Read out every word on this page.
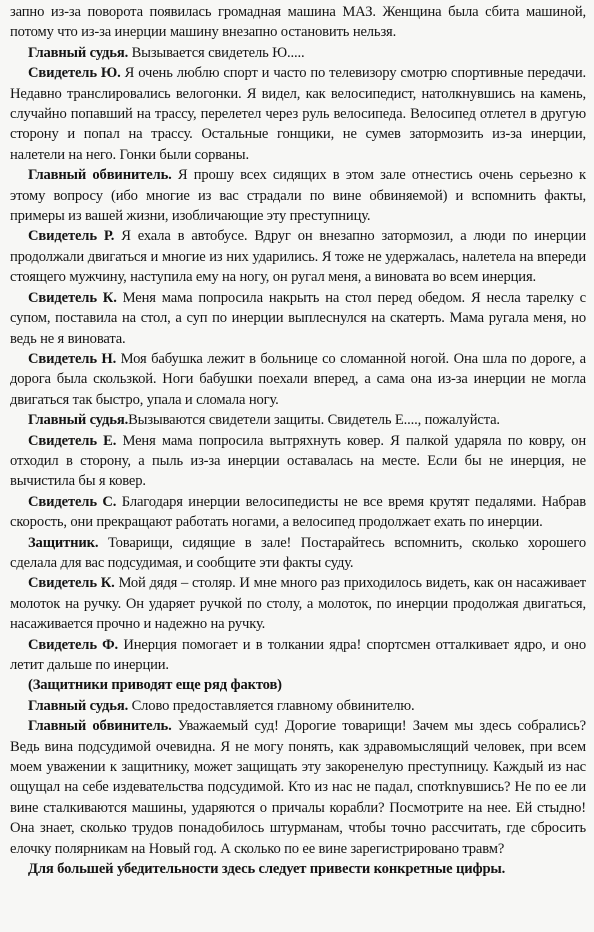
запно из-за поворота появилась громадная машина МАЗ. Женщина была сбита машиной, потому что из-за инерции машину внезапно остановить нельзя.

Главный судья. Вызывается свидетель Ю.....

Свидетель Ю. Я очень люблю спорт и часто по телевизору смотрю спортивные передачи. Недавно транслировались велогонки. Я видел, как велосипедист, натолкнувшись на камень, случайно попавший на трассу, перелетел через руль велосипеда. Велосипед отлетел в другую сторону и попал на трассу. Остальные гонщики, не сумев затормозить из-за инерции, налетели на него. Гонки были сорваны.

Главный обвинитель. Я прошу всех сидящих в этом зале отнестись очень серьезно к этому вопросу (ибо многие из вас страдали по вине обвиняемой) и вспомнить факты, примеры из вашей жизни, изобличающие эту преступницу.

Свидетель Р. Я ехала в автобусе. Вдруг он внезапно затормозил, а люди по инерции продолжали двигаться и многие из них ударились. Я тоже не удержалась, налетела на впереди стоящего мужчину, наступила ему на ногу, он ругал меня, а виновата во всем инерция.

Свидетель К. Меня мама попросила накрыть на стол перед обедом. Я несла тарелку с супом, поставила на стол, а суп по инерции выплеснулся на скатерть. Мама ругала меня, но ведь не я виновата.

Свидетель Н. Моя бабушка лежит в больнице со сломанной ногой. Она шла по дороге, а дорога была скользкой. Ноги бабушки поехали вперед, а сама она из-за инерции не могла двигаться так быстро, упала и сломала ногу.

Главный судья.Вызываются свидетели защиты. Свидетель Е...., пожалуйста.

Свидетель Е. Меня мама попросила вытряхнуть ковер. Я палкой ударяла по ковру, он отходил в сторону, а пыль из-за инерции оставалась на месте. Если бы не инерция, не вычистила бы я ковер.

Свидетель С. Благодаря инерции велосипедисты не все время крутят педалями. Набрав скорость, они прекращают работать ногами, а велосипед продолжает ехать по инерции.

Защитник. Товарищи, сидящие в зале! Постарайтесь вспомнить, сколько хорошего сделала для вас подсудимая, и сообщите эти факты суду.

Свидетель К. Мой дядя – столяр. И мне много раз приходилось видеть, как он насаживает молоток на ручку. Он ударяет ручкой по столу, а молоток, по инерции продолжая двигаться, насаживается прочно и надежно на ручку.

Свидетель Ф. Инерция помогает и в толкании ядра! спортсмен отталкивает ядро, и оно летит дальше по инерции.

(Защитники приводят еще ряд фактов)

Главный судья. Слово предоставляется главному обвинителю.

Главный обвинитель. Уважаемый суд! Дорогие товарищи! Зачем мы здесь собрались? Ведь вина подсудимой очевидна. Я не могу понять, как здравомыслящий человек, при всем моем уважении к защитнику, может защищать эту закоренелую преступницу. Каждый из нас ощущал на себе издевательства подсудимой. Кто из нас не падал, спотknувшись? Не по ее ли вине сталкиваются машины, ударяются о причалы корабли? Посмотрите на нее. Ей стыдно! Она знает, сколько трудов понадобилось штурманам, чтобы точно рассчитать, где сбросить елочку полярникам на Новый год. А сколько по ее вине зарегистрировано травм?

Для большей убедительности здесь следует привести конкретные цифры.
